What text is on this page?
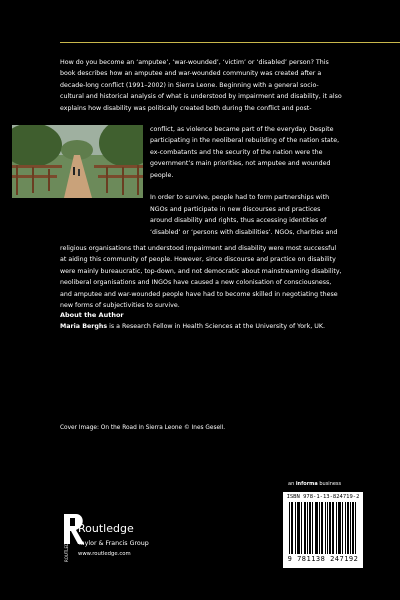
How do you become an ‘amputee’, ‘war-wounded’, ‘victim’ or ‘disabled’ person? This book describes how an amputee and war-wounded community was created after a decade-long conflict (1991–2002) in Sierra Leone. Beginning with a general socio-cultural and historical analysis of what is understood by impairment and disability, it also explains how disability was politically created both during the conflict and post-

conflict, as violence became part of the everyday. Despite participating in the neoliberal rebuilding of the nation state, ex-combatants and the security of the nation were the government’s main priorities, not amputee and wounded people.

In order to survive, people had to form partnerships with NGOs and participate in new discourses and practices around disability and rights, thus accessing identities of ‘disabled’ or ‘persons with disabilities’. NGOs, charities and

religious organisations that understood impairment and disability were most successful at aiding this community of people. However, since discourse and practice on disability were mainly bureaucratic, top-down, and not democratic about mainstreaming disability, neoliberal organisations and INGOs have caused a new colonisation of consciousness, and amputee and war-wounded people have had to become skilled in negotiating these new forms of subjectivities to survive.

About the Author

Maria Berghs is a Research Fellow in Health Sciences at the University of York, UK.

Cover Image: On the Road in Sierra Leone © Ines Gesell.

an informa business
ISBN 978-1-13-824719-2
9 781138 247192
ROUTLEDGE

Routledge

Taylor & Francis Group

www.routledge.com
